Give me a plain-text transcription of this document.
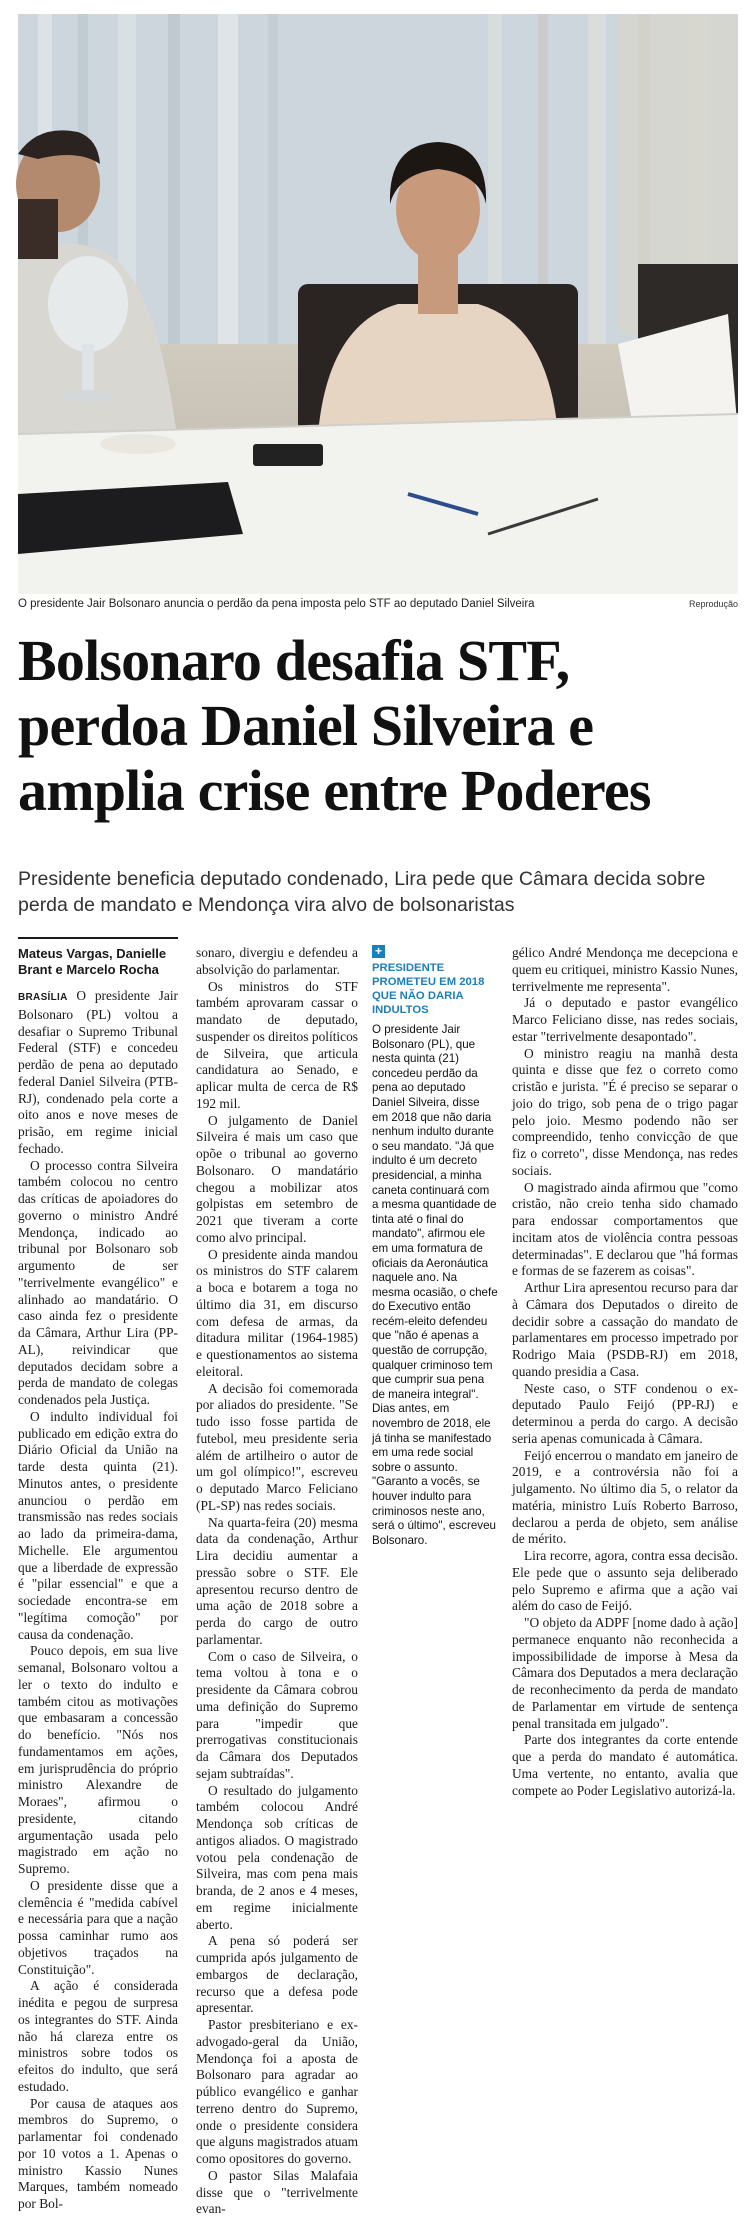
O presidente Jair Bolsonaro anuncia o perdão da pena imposta pelo STF ao deputado Daniel Silveira	Reprodução
Bolsonaro desafia STF,
perdoa Daniel Silveira e
amplia crise entre Poderes
Presidente beneficia deputado condenado, Lira pede que Câmara decida sobre perda de mandato e Mendonça vira alvo de bolsonaristas

Mateus Vargas, Danielle Brant e Marcelo Rocha

BRASÍLIA O presidente Jair Bolsonaro (PL) voltou a desafiar o Supremo Tribunal Federal (STF) e concedeu perdão de pena ao deputado federal Daniel Silveira (PTB-RJ), condenado pela corte a oito anos e nove meses de prisão, em regime inicial fechado.

O processo contra Silveira também colocou no centro das críticas de apoiadores do governo o ministro André Mendonça, indicado ao tribunal por Bolsonaro sob argumento de ser "terrivelmente evangélico" e alinhado ao mandatário. O caso ainda fez o presidente da Câmara, Arthur Lira (PP-AL), reivindicar que deputados decidam sobre a perda de mandato de colegas condenados pela Justiça.

O indulto individual foi publicado em edição extra do Diário Oficial da União na tarde desta quinta (21). Minutos antes, o presidente anunciou o perdão em transmissão nas redes sociais ao lado da primeira-dama, Michelle. Ele argumentou que a liberdade de expressão é "pilar essencial" e que a sociedade encontra-se em "legítima comoção" por causa da condenação.

Pouco depois, em sua live semanal, Bolsonaro voltou a ler o texto do indulto e também citou as motivações que embasaram a concessão do benefício. "Nós nos fundamentamos em ações, em jurisprudência do próprio ministro Alexandre de Moraes", afirmou o presidente, citando argumentação usada pelo magistrado em ação no Supremo.

O presidente disse que a clemência é "medida cabível e necessária para que a nação possa caminhar rumo aos objetivos traçados na Constituição".

A ação é considerada inédita e pegou de surpresa os integrantes do STF. Ainda não há clareza entre os ministros sobre todos os efeitos do indulto, que será estudado.

Por causa de ataques aos membros do Supremo, o parlamentar foi condenado por 10 votos a 1. Apenas o ministro Kassio Nunes Marques, também nomeado por Bol-

sonaro, divergiu e defendeu a absolvição do parlamentar.

Os ministros do STF também aprovaram cassar o mandato de deputado, suspender os direitos políticos de Silveira, que articula candidatura ao Senado, e aplicar multa de cerca de R$ 192 mil.

O julgamento de Daniel Silveira é mais um caso que opõe o tribunal ao governo Bolsonaro. O mandatário chegou a mobilizar atos golpistas em setembro de 2021 que tiveram a corte como alvo principal.

O presidente ainda mandou os ministros do STF calarem a boca e botarem a toga no último dia 31, em discurso com defesa de armas, da ditadura militar (1964-1985) e questionamentos ao sistema eleitoral.

A decisão foi comemorada por aliados do presidente. "Se tudo isso fosse partida de futebol, meu presidente seria além de artilheiro o autor de um gol olímpico!", escreveu o deputado Marco Feliciano (PL-SP) nas redes sociais.

Na quarta-feira (20) mesma data da condenação, Arthur Lira decidiu aumentar a pressão sobre o STF. Ele apresentou recurso dentro de uma ação de 2018 sobre a perda do cargo de outro parlamentar.

Com o caso de Silveira, o tema voltou à tona e o presidente da Câmara cobrou uma definição do Supremo para "impedir que prerrogativas constitucionais da Câmara dos Deputados sejam subtraídas".

O resultado do julgamento também colocou André Mendonça sob críticas de antigos aliados. O magistrado votou pela condenação de Silveira, mas com pena mais branda, de 2 anos e 4 meses, em regime inicialmente aberto.

A pena só poderá ser cumprida após julgamento de embargos de declaração, recurso que a defesa pode apresentar.

Pastor presbiteriano e ex-advogado-geral da União, Mendonça foi a aposta de Bolsonaro para agradar ao público evangélico e ganhar terreno dentro do Supremo, onde o presidente considera que alguns magistrados atuam como opositores do governo.

O pastor Silas Malafaia disse que o "terrivelmente evan-

+
PRESIDENTE PROMETEU EM 2018 QUE NÃO DARIA INDULTOS
O presidente Jair Bolsonaro (PL), que nesta quinta (21) concedeu perdão da pena ao deputado Daniel Silveira, disse em 2018 que não daria nenhum indulto durante o seu mandato. "Já que indulto é um decreto presidencial, a minha caneta continuará com a mesma quantidade de tinta até o final do mandato", afirmou ele em uma formatura de oficiais da Aeronáutica naquele ano. Na mesma ocasião, o chefe do Executivo então recém-eleito defendeu que "não é apenas a questão de corrupção, qualquer criminoso tem que cumprir sua pena de maneira integral". Dias antes, em novembro de 2018, ele já tinha se manifestado em uma rede social sobre o assunto. "Garanto a vocês, se houver indulto para criminosos neste ano, será o último", escreveu Bolsonaro.

gélico André Mendonça me decepciona e quem eu critiquei, ministro Kassio Nunes, terrivelmente me representa".

Já o deputado e pastor evangélico Marco Feliciano disse, nas redes sociais, estar "terrivelmente desapontado".

O ministro reagiu na manhã desta quinta e disse que fez o correto como cristão e jurista. "É é preciso se separar o joio do trigo, sob pena de o trigo pagar pelo joio. Mesmo podendo não ser compreendido, tenho convicção de que fiz o correto", disse Mendonça, nas redes sociais.

O magistrado ainda afirmou que "como cristão, não creio tenha sido chamado para endossar comportamentos que incitam atos de violência contra pessoas determinadas". E declarou que "há formas e formas de se fazerem as coisas".

Arthur Lira apresentou recurso para dar à Câmara dos Deputados o direito de decidir sobre a cassação do mandato de parlamentares em processo impetrado por Rodrigo Maia (PSDB-RJ) em 2018, quando presidia a Casa.

Neste caso, o STF condenou o ex-deputado Paulo Feijó (PP-RJ) e determinou a perda do cargo. A decisão seria apenas comunicada à Câmara.

Feijó encerrou o mandato em janeiro de 2019, e a controvérsia não foi a julgamento. No último dia 5, o relator da matéria, ministro Luís Roberto Barroso, declarou a perda de objeto, sem análise de mérito.

Lira recorre, agora, contra essa decisão. Ele pede que o assunto seja deliberado pelo Supremo e afirma que a ação vai além do caso de Feijó.

"O objeto da ADPF [nome dado à ação] permanece enquanto não reconhecida a impossibilidade de imporse à Mesa da Câmara dos Deputados a mera declaração de reconhecimento da perda de mandato de Parlamentar em virtude de sentença penal transitada em julgado".

Parte dos integrantes da corte entende que a perda do mandato é automática. Uma vertente, no entanto, avalia que compete ao Poder Legislativo autorizá-la.
